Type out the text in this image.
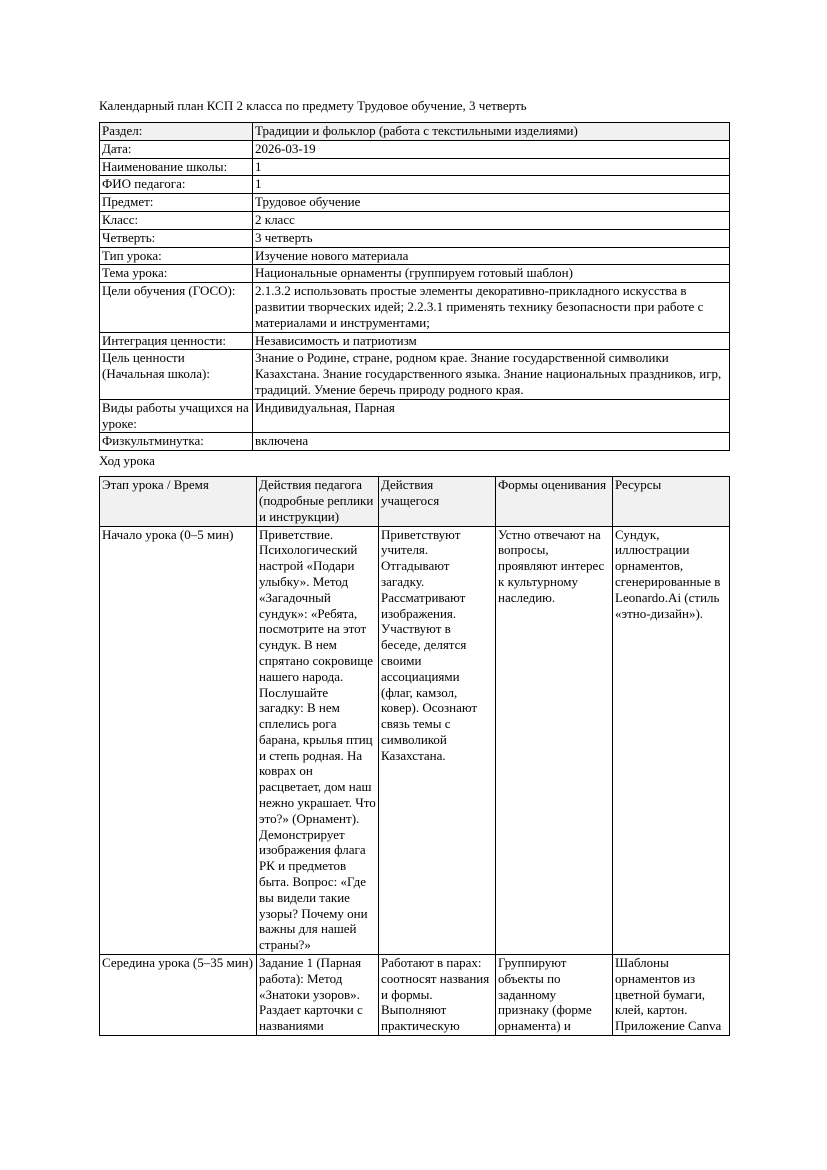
Календарный план КСП 2 класса по предмету Трудовое обучение, 3 четверть

Раздел:	Традиции и фольклор (работа с текстильными изделиями)
Дата:	2026-03-19
Наименование школы:	1
ФИО педагога:	1
Предмет:	Трудовое обучение
Класс:	2 класс
Четверть:	3 четверть
Тип урока:	Изучение нового материала
Тема урока:	Национальные орнаменты (группируем готовый шаблон)
Цели обучения (ГОСО):	2.1.3.2 использовать простые элементы декоративно-прикладного искусства в развитии творческих идей; 2.2.3.1 применять технику безопасности при работе с материалами и инструментами;
Интеграция ценности:	Независимость и патриотизм
Цель ценности (Начальная школа):	Знание о Родине, стране, родном крае. Знание государственной символики Казахстана. Знание государственного языка. Знание национальных праздников, игр, традиций. Умение беречь природу родного края.
Виды работы учащихся на уроке:	Индивидуальная, Парная
Физкультминутка:	включена

Ход урока

Этап урока / Время	Действия педагога (подробные реплики и инструкции)	Действия учащегося	Формы оценивания	Ресурсы
Начало урока (0–5 мин)	Приветствие. Психологический настрой «Подари улыбку». Метод «Загадочный сундук»: «Ребята, посмотрите на этот сундук. В нем спрятано сокровище нашего народа. Послушайте загадку: В нем сплелись рога барана, крылья птиц и степь родная. На коврах он расцветает, дом наш нежно украшает. Что это?» (Орнамент). Демонстрирует изображения флага РК и предметов быта. Вопрос: «Где вы видели такие узоры? Почему они важны для нашей страны?»	Приветствуют учителя. Отгадывают загадку. Рассматривают изображения. Участвуют в беседе, делятся своими ассоциациями (флаг, камзол, ковер). Осознают связь темы с символикой Казахстана.	Устно отвечают на вопросы, проявляют интерес к культурному наследию.	Сундук, иллюстрации орнаментов, сгенерированные в Leonardo.Ai (стиль «этно-дизайн»).
Середина урока (5–35 мин)	Задание 1 (Парная работа): Метод «Знатоки узоров». Раздает карточки с названиями	Работают в парах: соотносят названия и формы. Выполняют практическую	Группируют объекты по заданному признаку (форме орнамента) и	Шаблоны орнаментов из цветной бумаги, клей, картон. Приложение Canva
